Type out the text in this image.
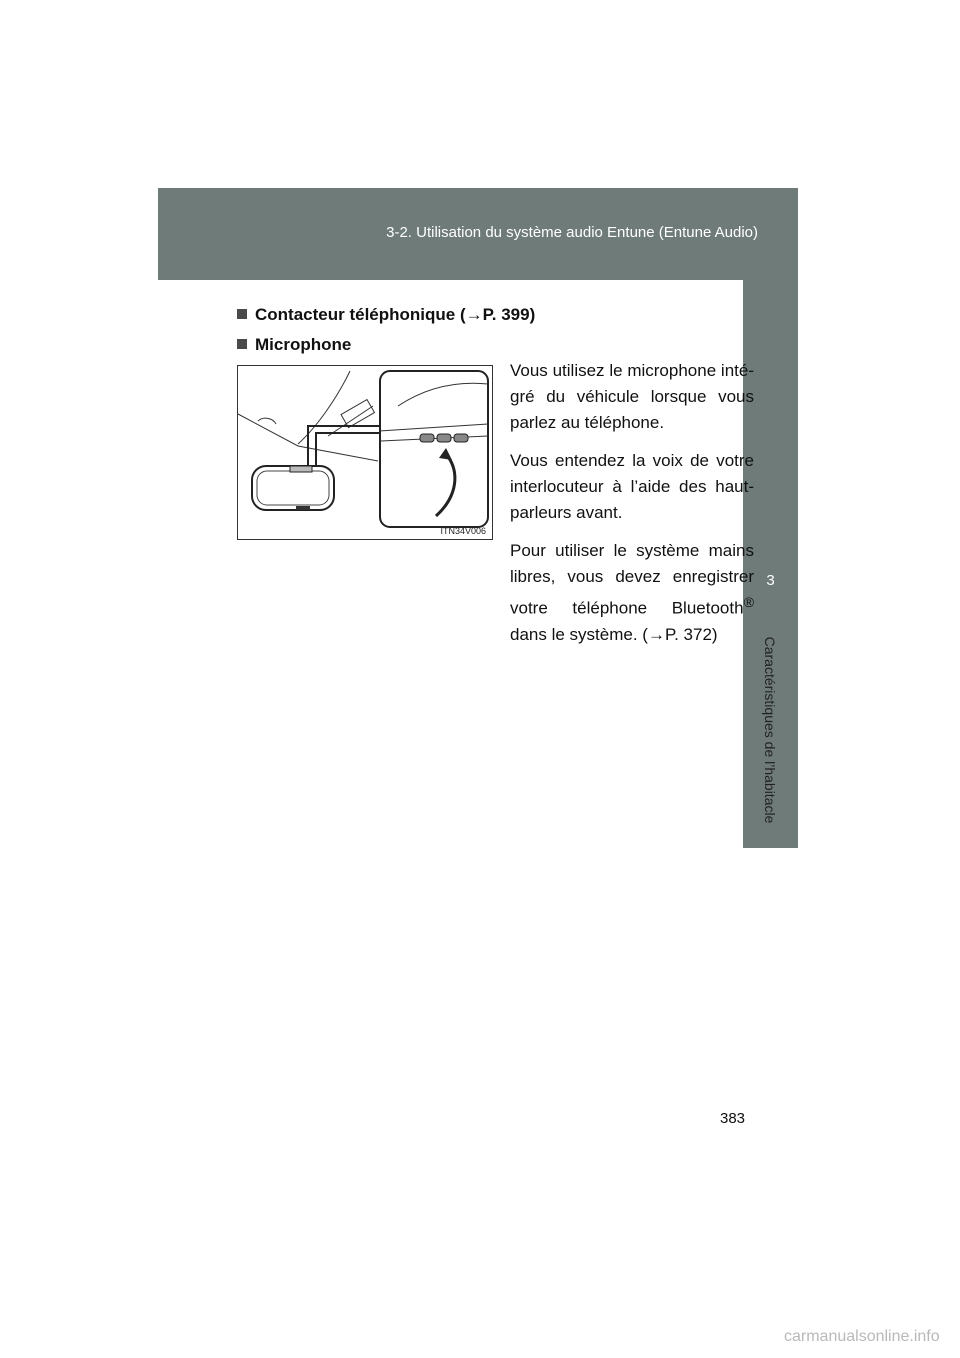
3-2. Utilisation du système audio Entune (Entune Audio)
3
Caractéristiques de l’habitacle
Contacteur téléphonique (→P. 399)
Microphone
ITN34V006

Vous utilisez le microphone inté-gré du véhicule lorsque vous parlez au téléphone.

Vous entendez la voix de votre interlocuteur à l’aide des haut-parleurs avant.

Pour utiliser le système mains libres, vous devez enregistrer votre téléphone Bluetooth® dans le système. (→P. 372)

383
carmanualsonline.info
